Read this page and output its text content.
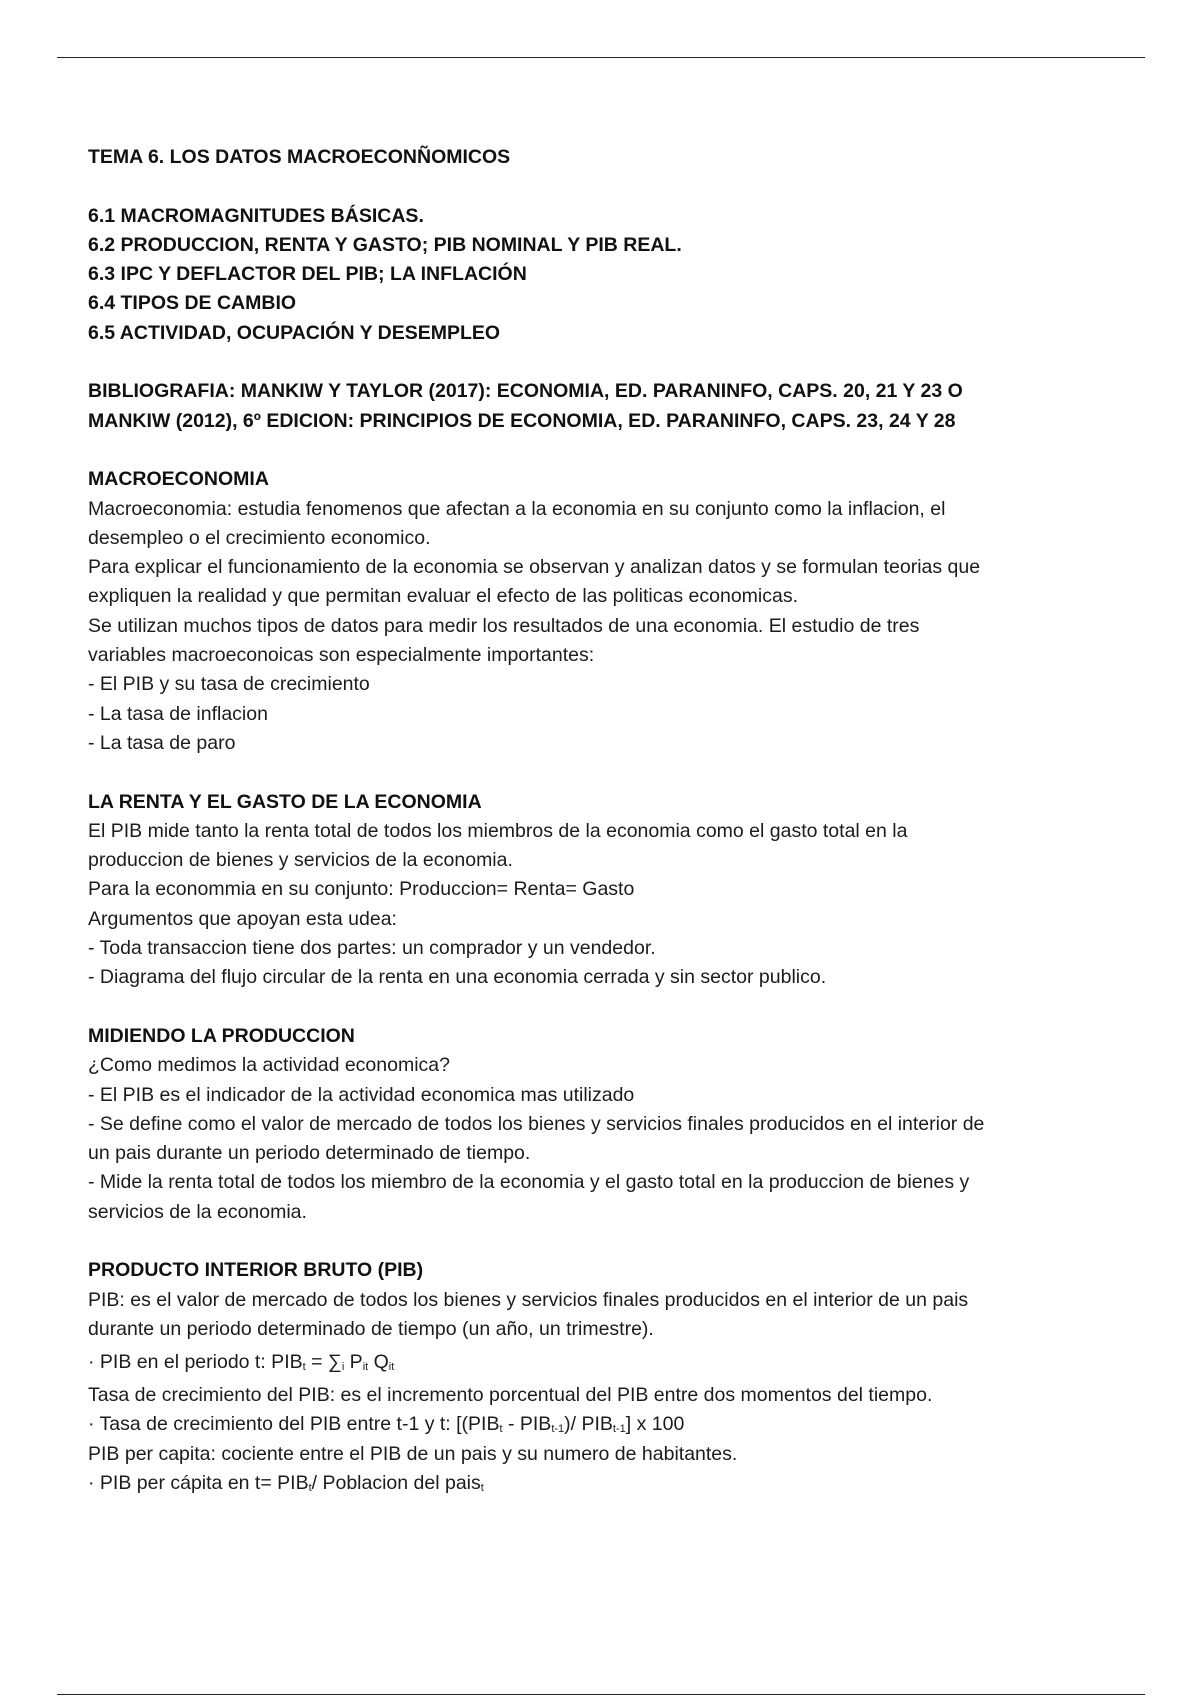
TEMA 6. LOS DATOS MACROECONÑOMICOS

6.1 MACROMAGNITUDES BÁSICAS.

6.2 PRODUCCION, RENTA Y GASTO; PIB NOMINAL Y PIB REAL.

6.3 IPC Y DEFLACTOR DEL PIB; LA INFLACIÓN

6.4 TIPOS DE CAMBIO

6.5 ACTIVIDAD, OCUPACIÓN Y DESEMPLEO

BIBLIOGRAFIA: MANKIW Y TAYLOR (2017): ECONOMIA, ED. PARANINFO, CAPS. 20, 21 Y 23 O

MANKIW (2012), 6º EDICION: PRINCIPIOS DE ECONOMIA, ED. PARANINFO, CAPS. 23, 24 Y 28

MACROECONOMIA

Macroeconomia: estudia fenomenos que afectan a la economia en su conjunto como la inflacion, el

desempleo o el crecimiento economico.

Para explicar el funcionamiento de la economia se observan y analizan datos y se formulan teorias que

expliquen la realidad y que permitan evaluar el efecto de las politicas economicas.

Se utilizan muchos tipos de datos para medir los resultados de una economia. El estudio de tres

variables macroeconoicas son especialmente importantes:

- El PIB y su tasa de crecimiento

- La tasa de inflacion

- La tasa de paro

LA RENTA Y EL GASTO DE LA ECONOMIA

El PIB mide tanto la renta total de todos los miembros de la economia como el gasto total en la

produccion de bienes y servicios de la economia.

Para la econommia en su conjunto: Produccion= Renta= Gasto

Argumentos que apoyan esta udea:

- Toda transaccion tiene dos partes: un comprador y un vendedor.

- Diagrama del flujo circular de la renta en una economia cerrada y sin sector publico.

MIDIENDO LA PRODUCCION

¿Como medimos la actividad economica?

- El PIB es el indicador de la actividad economica mas utilizado

- Se define como el valor de mercado de todos los bienes y servicios finales producidos en el interior de

un pais durante un periodo determinado de tiempo.

- Mide la renta total de todos los miembro de la economia y el gasto total en la produccion de bienes y

servicios de la economia.

PRODUCTO INTERIOR BRUTO (PIB)

PIB: es el valor de mercado de todos los bienes y servicios finales producidos en el interior de un pais

durante un periodo determinado de tiempo (un año, un trimestre).

· PIB en el periodo t: $PIB_t = \sum_i$ $P_{it}$ $Q_{it}$

Tasa de crecimiento del PIB: es el incremento porcentual del PIB entre dos momentos del tiempo.

· Tasa de crecimiento del PIB entre t-1 y t: [$(PIB_t - PIB_{t-1})/$ $PIB_{t-1}$] x 100

PIB per capita: cociente entre el PIB de un pais y su numero de habitantes.

· PIB per cápita en $t= PIB_t/$ Poblacion del pais$_t$
